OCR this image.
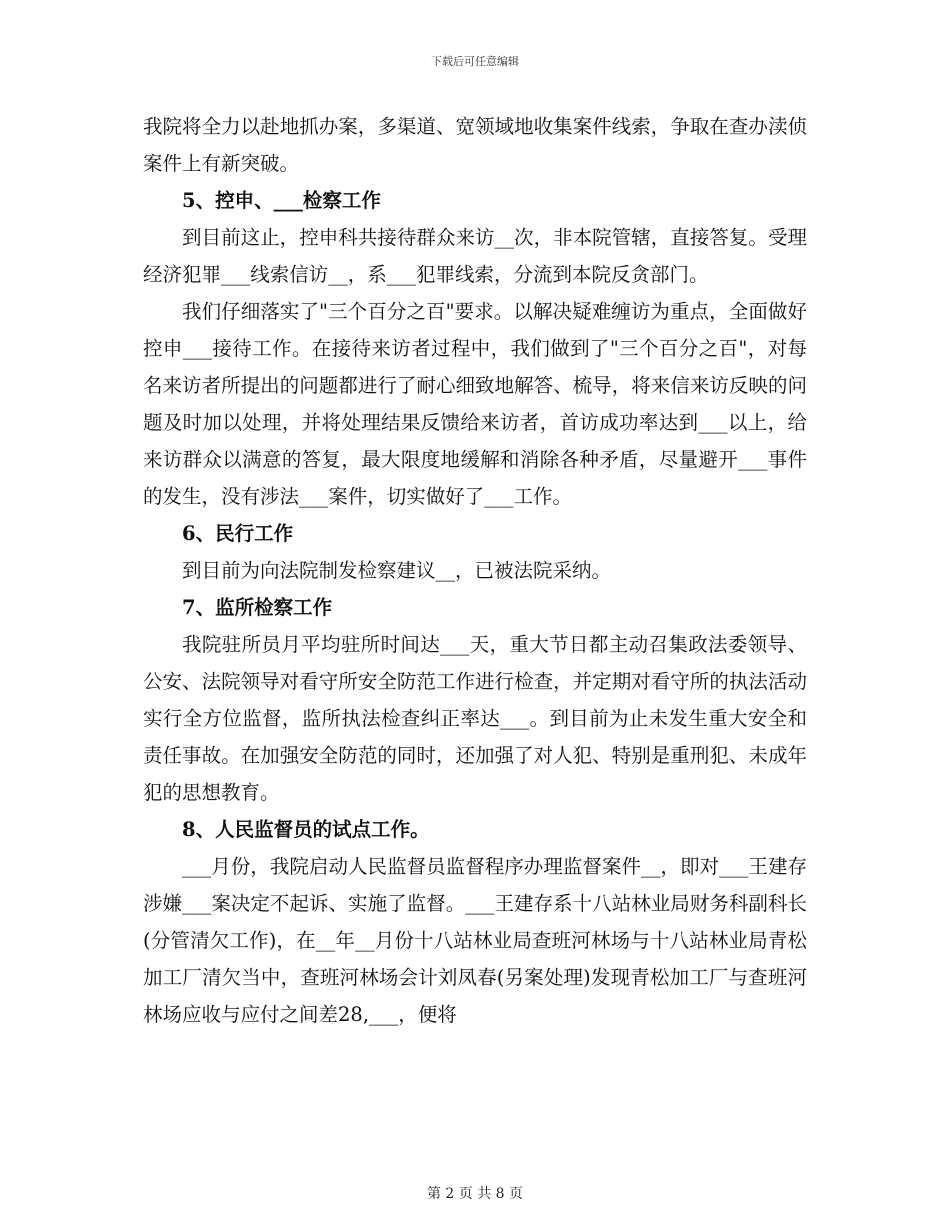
下载后可任意编辑

我院将全力以赴地抓办案，多渠道、宽领域地收集案件线索，争取在查办渎侦案件上有新突破。

5、控申、___检察工作

到目前这止，控申科共接待群众来访__次，非本院管辖，直接答复。受理经济犯罪___线索信访__，系___犯罪线索，分流到本院反贪部门。

我们仔细落实了"三个百分之百"要求。以解决疑难缠访为重点，全面做好控申___接待工作。在接待来访者过程中，我们做到了"三个百分之百"，对每名来访者所提出的问题都进行了耐心细致地解答、梳导，将来信来访反映的问题及时加以处理，并将处理结果反馈给来访者，首访成功率达到___以上，给来访群众以满意的答复，最大限度地缓解和消除各种矛盾，尽量避开___事件的发生，没有涉法___案件，切实做好了___工作。

6、民行工作

到目前为向法院制发检察建议__，已被法院采纳。

7、监所检察工作

我院驻所员月平均驻所时间达___天，重大节日都主动召集政法委领导、公安、法院领导对看守所安全防范工作进行检查，并定期对看守所的执法活动实行全方位监督，监所执法检查纠正率达___。到目前为止未发生重大安全和责任事故。在加强安全防范的同时，还加强了对人犯、特别是重刑犯、未成年犯的思想教育。

8、人民监督员的试点工作。

___月份，我院启动人民监督员监督程序办理监督案件__，即对___王建存涉嫌___案决定不起诉、实施了监督。___王建存系十八站林业局财务科副科长(分管清欠工作)，在__年__月份十八站林业局查班河林场与十八站林业局青松加工厂清欠当中，查班河林场会计刘凤春(另案处理)发现青松加工厂与查班河林场应收与应付之间差28,___，便将

第 2 页 共 8 页
